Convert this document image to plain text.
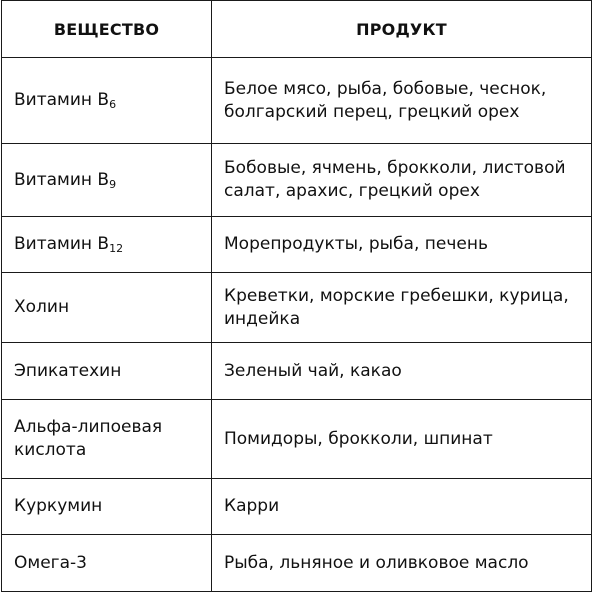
ВЕЩЕСТВО	ПРОДУКТ
Витамин $B_6$	Белое мясо, рыба, бобовые, чеснок, болгарский перец, грецкий орех
Витамин $B_9$	Бобовые, ячмень, брокколи, листовой салат, арахис, грецкий орех
Витамин $B_{12}$	Морепродукты, рыба, печень
Холин	Креветки, морские гребешки, курица, индейка
Эпикатехин	Зеленый чай, какао
Альфа-липоевая кислота	Помидоры, брокколи, шпинат
Куркумин	Карри
Омега-3	Рыба, льняное и оливковое масло
